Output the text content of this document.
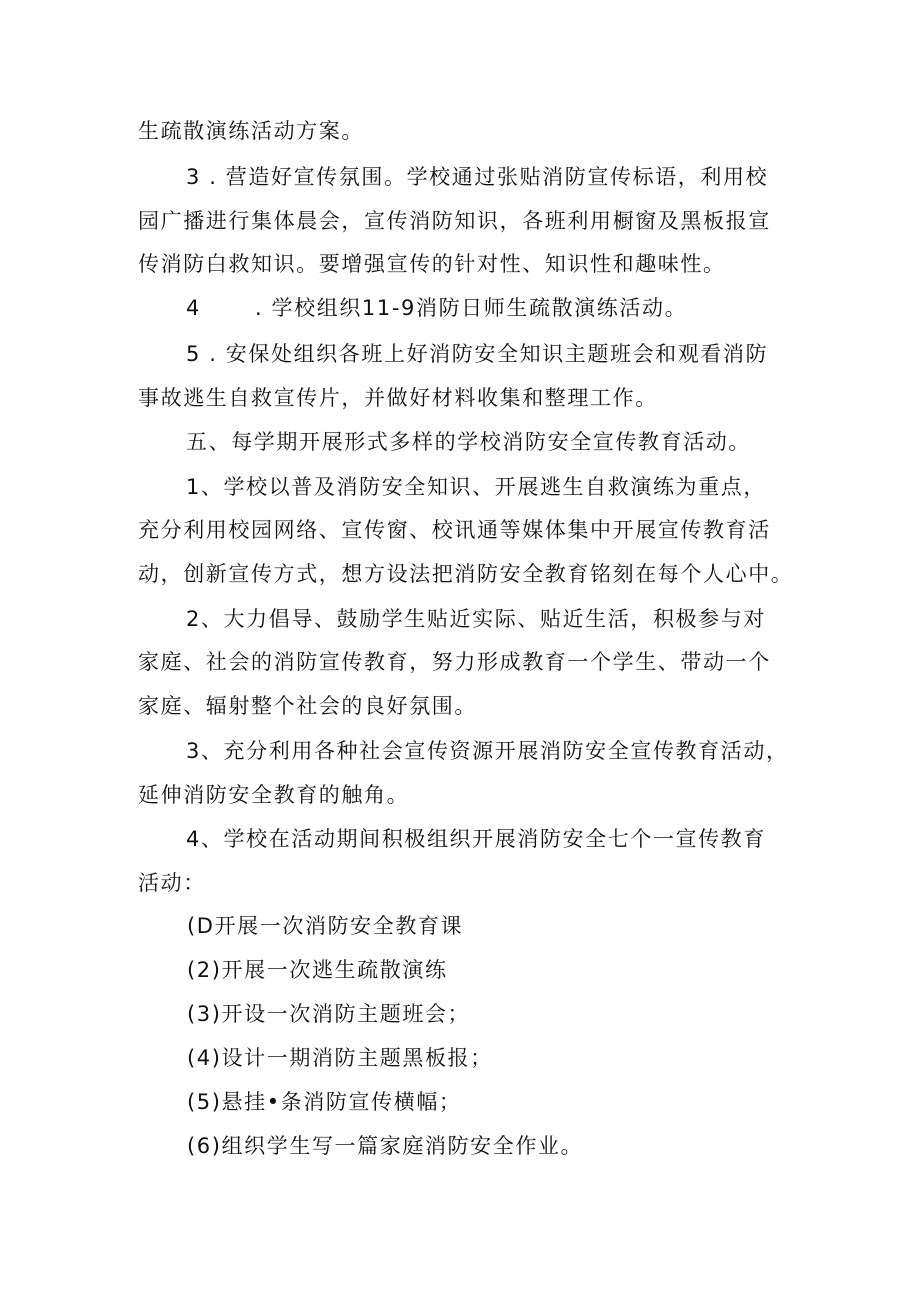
生疏散演练活动方案。
3 . 营造好宣传氛围。学校通过张贴消防宣传标语，利用校
园广播进行集体晨会，宣传消防知识，各班利用橱窗及黑板报宣
传消防白救知识。要增强宣传的针对性、知识性和趣味性。
4	. 学校组织11-9消防日师生疏散演练活动。
5 . 安保处组织各班上好消防安全知识主题班会和观看消防
事故逃生自救宣传片，并做好材料收集和整理工作。
五、每学期开展形式多样的学校消防安全宣传教育活动。
1、学校以普及消防安全知识、开展逃生自救演练为重点，
充分利用校园网络、宣传窗、校讯通等媒体集中开展宣传教育活
动，创新宣传方式，想方设法把消防安全教育铭刻在每个人心中。
2、大力倡导、鼓励学生贴近实际、贴近生活，积极参与对
家庭、社会的消防宣传教育，努力形成教育一个学生、带动一个
家庭、辐射整个社会的良好氛围。
3、充分利用各种社会宣传资源开展消防安全宣传教育活动，
延伸消防安全教育的触角。
4、学校在活动期间积极组织开展消防安全七个一宣传教育
活动：
(D开展一次消防安全教育课
(2)开展一次逃生疏散演练
(3)开设一次消防主题班会；
(4)设计一期消防主题黑板报；
(5)悬挂•条消防宣传横幅；
(6)组织学生写一篇家庭消防安全作业。
